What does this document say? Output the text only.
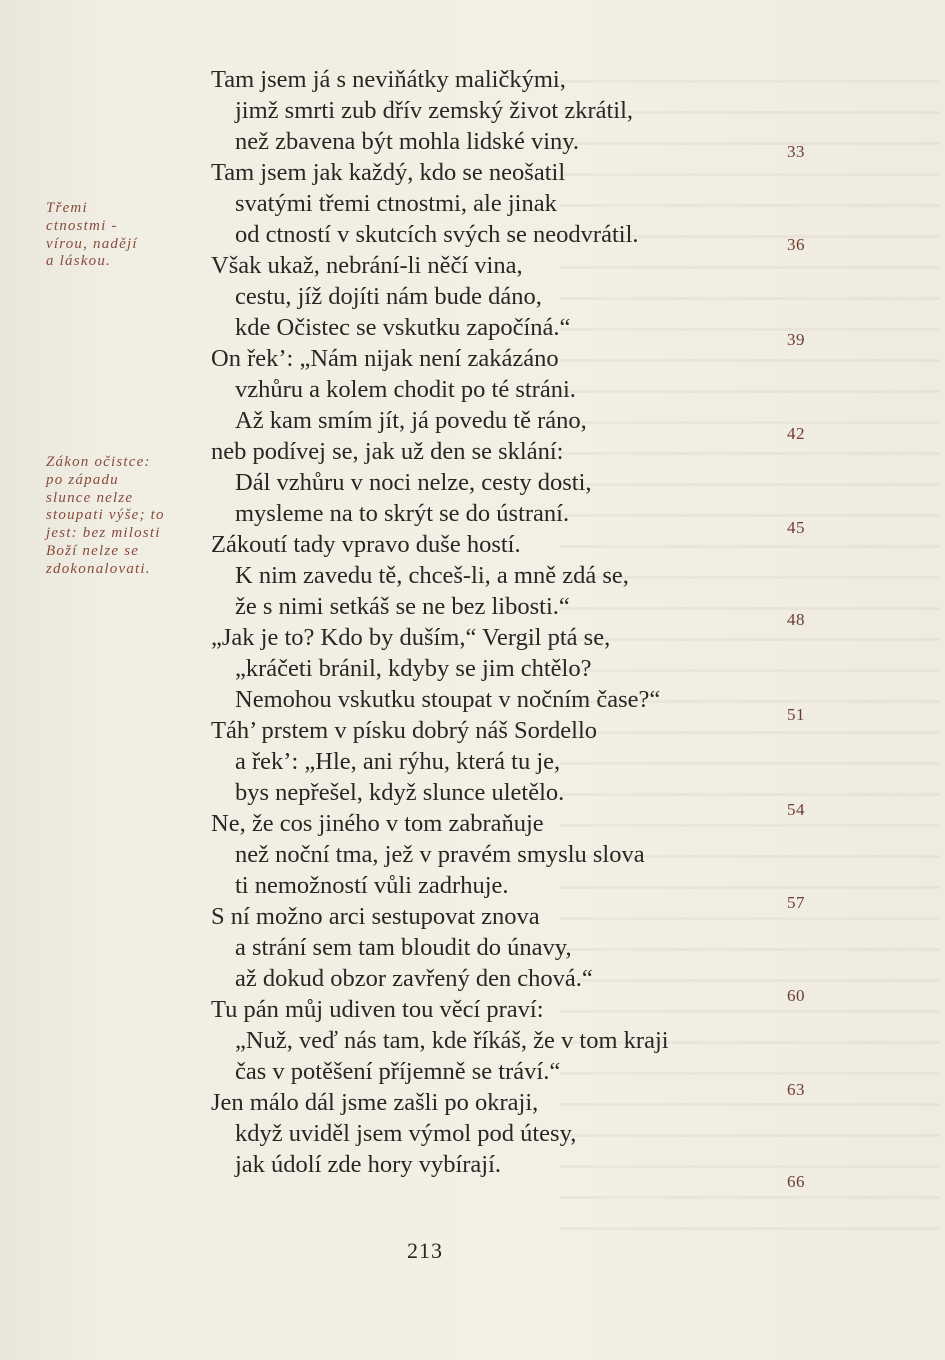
Tam jsem já s neviňátky maličkými,
jimž smrti zub dřív zemský život zkrátil,
než zbavena být mohla lidské viny.
Tam jsem jak každý, kdo se neošatil
svatými třemi ctnostmi, ale jinak
od ctností v skutcích svých se neodvrátil.
Však ukaž, nebrání-li něčí vina,
cestu, jíž dojíti nám bude dáno,
kde Očistec se vskutku započíná.“
On řek’: „Nám nijak není zakázáno
vzhůru a kolem chodit po té stráni.
Až kam smím jít, já povedu tě ráno,
neb podívej se, jak už den se sklání:
Dál vzhůru v noci nelze, cesty dosti,
mysleme na to skrýt se do ústraní.
Zákoutí tady vpravo duše hostí.
K nim zavedu tě, chceš-li, a mně zdá se,
že s nimi setkáš se ne bez libosti.“
„Jak je to? Kdo by duším,“ Vergil ptá se,
„kráčeti bránil, kdyby se jim chtělo?
Nemohou vskutku stoupat v nočním čase?“
Táh’ prstem v písku dobrý náš Sordello
a řek’: „Hle, ani rýhu, která tu je,
bys nepřešel, když slunce uletělo.
Ne, že cos jiného v tom zabraňuje
než noční tma, jež v pravém smyslu slova
ti nemožností vůli zadrhuje.
S ní možno arci sestupovat znova
a strání sem tam bloudit do únavy,
až dokud obzor zavřený den chová.“
Tu pán můj udiven tou věcí praví:
„Nuž, veď nás tam, kde říkáš, že v tom kraji
čas v potěšení příjemně se tráví.“
Jen málo dál jsme zašli po okraji,
když uviděl jsem výmol pod útesy,
jak údolí zde hory vybírají.
33
36
39
42
45
48
51
54
57
60
63
66
Třemi
ctnostmi -
vírou, nadějí
a láskou.
Zákon očistce:
po západu
slunce nelze
stoupati výše; to
jest: bez milosti
Boží nelze se
zdokonalovati.
213
